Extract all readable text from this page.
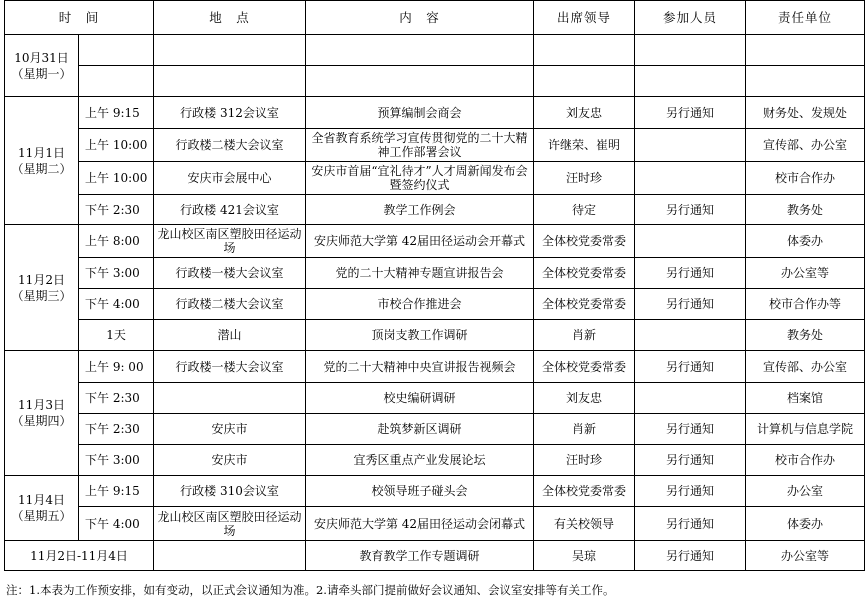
时　间		地　点	内　容	出席领导	参加人员	责任单位
10月31日（星期一）						

11月1日（星期二）	上午 9:15	行政楼 312会议室	预算编制会商会	刘友忠	另行通知	财务处、发规处
	上午 10:00	行政楼二楼大会议室	全省教育系统学习宣传贯彻党的二十大精神工作部署会议	许继荣、崔明		宣传部、办公室
	上午 10:00	安庆市会展中心	安庆市首届“宜礼待才”人才周新闻发布会暨签约仪式	汪时珍		校市合作办
	下午 2:30	行政楼 421会议室	教学工作例会	待定	另行通知	教务处
11月2日（星期三）	上午 8:00	龙山校区南区塑胶田径运动场	安庆师范大学第 42届田径运动会开幕式	全体校党委常委		体委办
	下午 3:00	行政楼一楼大会议室	党的二十大精神专题宣讲报告会	全体校党委常委	另行通知	办公室等
	下午 4:00	行政楼二楼大会议室	市校合作推进会	全体校党委常委	另行通知	校市合作办等
	1天	潜山	顶岗支教工作调研	肖新		教务处
11月3日（星期四）	上午 9: 00	行政楼一楼大会议室	党的二十大精神中央宣讲报告视频会	全体校党委常委	另行通知	宣传部、办公室
	下午 2:30		校史编研调研	刘友忠		档案馆
	下午 2:30	安庆市	赴筑梦新区调研	肖新	另行通知	计算机与信息学院
	下午 3:00	安庆市	宜秀区重点产业发展论坛	汪时珍	另行通知	校市合作办
11月4日（星期五）	上午 9:15	行政楼 310会议室	校领导班子碰头会	全体校党委常委	另行通知	办公室
	下午 4:00	龙山校区南区塑胶田径运动场	安庆师范大学第 42届田径运动会闭幕式	有关校领导	另行通知	体委办
11月2日-11月4日			教育教学工作专题调研	吴琼	另行通知	办公室等
注：1.本表为工作预安排，如有变动，以正式会议通知为准。2.请牵头部门提前做好会议通知、会议室安排等有关工作。
